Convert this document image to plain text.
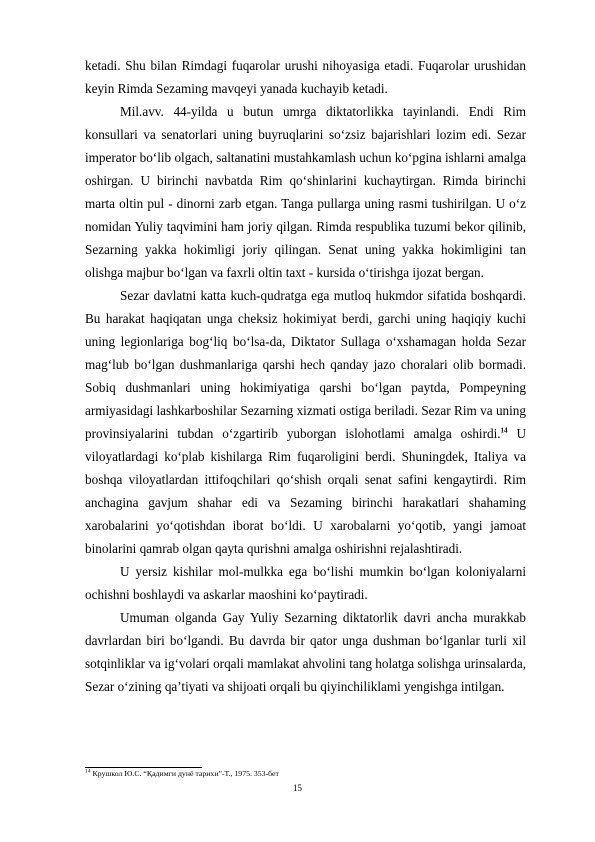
ketadi. Shu bilan Rimdagi fuqarolar urushi nihoyasiga etadi. Fuqarolar urushidan keyin Rimda Sezaming mavqeyi yanada kuchayib ketadi.

Mil.avv. 44-yilda u butun umrga diktatorlikka tayinlandi. Endi Rim konsullari va senatorlari uning buyruqlarini so‘zsiz bajarishlari lozim edi. Sezar imperator bo‘lib olgach, saltanatini mustahkamlash uchun ko‘pgina ishlarni amalga oshirgan. U birinchi navbatda Rim qo‘shinlarini kuchaytirgan. Rimda birinchi marta oltin pul - dinorni zarb etgan. Tanga pullarga uning rasmi tushirilgan. U o‘z nomidan Yuliy taqvimini ham joriy qilgan. Rimda respublika tuzumi bekor qilinib, Sezarning yakka hokimligi joriy qilingan. Senat uning yakka hokimligini tan olishga majbur bo‘lgan va faxrli oltin taxt - kursida o‘tirishga ijozat bergan.

Sezar davlatni katta kuch-qudratga ega mutloq hukmdor sifatida boshqardi. Bu harakat haqiqatan unga cheksiz hokimiyat berdi, garchi uning haqiqiy kuchi uning legionlariga bog‘liq bo‘lsa-da, Diktator Sullaga o‘xshamagan holda Sezar mag‘lub bo‘lgan dushmanlariga qarshi hech qanday jazo choralari olib bormadi. Sobiq dushmanlari uning hokimiyatiga qarshi bo‘lgan paytda, Pompeyning armiyasidagi lashkarboshilar Sezarning xizmati ostiga beriladi. Sezar Rim va uning provinsiyalarini tubdan o‘zgartirib yuborgan islohotlami amalga oshirdi.$^{14}$ U viloyatlardagi ko‘plab kishilarga Rim fuqaroligini berdi. Shuningdek, Italiya va boshqa viloyatlardan ittifoqchilari qo‘shish orqali senat safini kengaytirdi. Rim anchagina gavjum shahar edi va Sezaming birinchi harakatlari shahaming xarobalarini yo‘qotishdan iborat bo‘ldi. U xarobalarni yo‘qotib, yangi jamoat binolarini qamrab olgan qayta qurishni amalga oshirishni rejalashtiradi.

U yersiz kishilar mol-mulkka ega bo‘lishi mumkin bo‘lgan koloniyalarni ochishni boshlaydi va askarlar maoshini ko‘paytiradi.

Umuman olganda Gay Yuliy Sezarning diktatorlik davri ancha murakkab davrlardan biri bo‘lgandi. Bu davrda bir qator unga dushman bo‘lganlar turli xil sotqinliklar va ig‘volari orqali mamlakat ahvolini tang holatga solishga urinsalarda, Sezar o‘zining qa’tiyati va shijoati orqali bu qiyinchiliklami yengishga intilgan.

$^{14}$ Крушкол Ю.С. “Қадимги дунё тарихи”-Т., 1975. 353-бет
15
